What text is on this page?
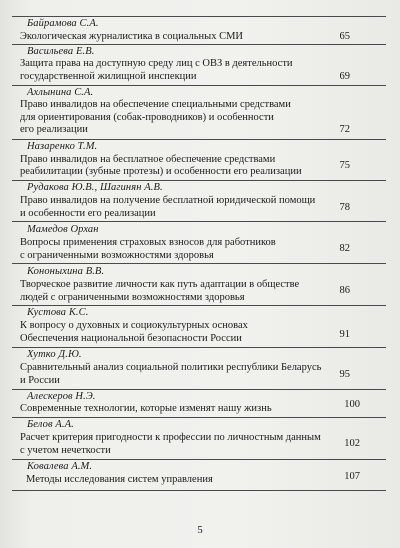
Байрамова С.А.
Экологическая журналистика в социальных СМИ	65
Васильева Е.В.
Защита права на доступную среду лиц с ОВЗ в деятельности
государственной жилищной инспекции	69
Ахлынина С.А.
Право инвалидов на обеспечение специальными средствами
для ориентирования (собак-проводников) и особенности
его реализации	72
Назаренко Т.М.
Право инвалидов на бесплатное обеспечение средствами
реабилитации (зубные протезы) и особенности его реализации
75
Рудакова Ю.В., Шагинян А.В.
Право инвалидов на получение бесплатной юридической помощи
и особенности его реализации
78
Мамедов Орхан
Вопросы применения страховых взносов для работников
с ограниченными возможностями здоровья
82
Кононыхина В.В.
Творческое развитие личности как путь адаптации в обществе
людей с ограниченными возможностями здоровья
86
Кустова К.С.
К вопросу о духовных и социокультурных основах
Обеспечения национальной безопасности России	91
Хутко Д.Ю.
Сравнительный анализ социальной политики республики Беларусь
и России
95
Алескеров Н.Э.
Современные технологии, которые изменят нашу жизнь	100
Белов А.А.
Расчет критерия пригодности к профессии по личностным данным
с учетом нечеткости
102
Ковалева А.М.
Методы исследования систем управления	107
5
